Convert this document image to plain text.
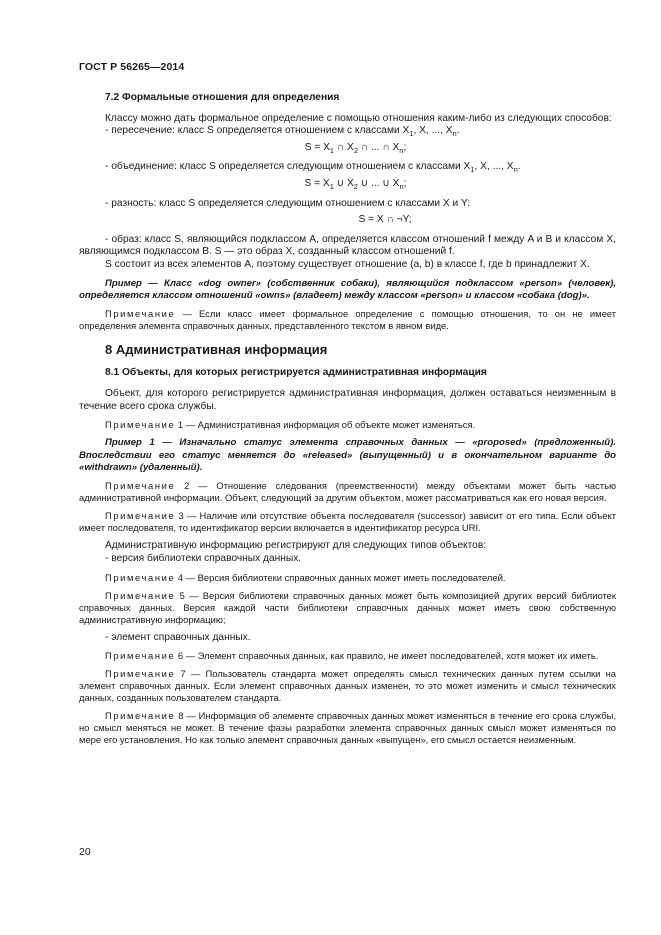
ГОСТ Р 56265—2014

7.2 Формальные отношения для определения

Классу можно дать формальное определение с помощью отношения каким-либо из следующих способов:

- пересечение: класс S определяется отношением с классами $X_1$, X, ..., $X_n$.

$S = X_1$ ∩ $X_2$ ∩ ... ∩ $X_n$;

- объединение: класс S определяется следующим отношением с классами $X_1$, X, ..., $X_n$.

$S = X_1$ ∪ $X_2$ ∪ ... ∪ $X_n$;

- разность: класс S определяется следующим отношением с классами X и Y:

S = X ∩ ¬Y;

- образ: класс S, являющийся подклассом A, определяется классом отношений f между A и B и классом X, являющимся подклассом B. S — это образ X, созданный классом отношений f.

S состоит из всех элементов A, поэтому существует отношение (a, b) в классе f, где b принадлежит X.

Пример — Класс «dog owner» (собственник собаки), являющийся подклассом «person» (человек), определяется классом отношений «owns» (владеет) между классом «person» и классом «собака (dog)».

Примечание — Если класс имеет формальное определение с помощью отношения, то он не имеет определения элемента справочных данных, представленного текстом в явном виде.

8 Административная информация

8.1 Объекты, для которых регистрируется административная информация

Объект, для которого регистрируется административная информация, должен оставаться неизменным в течение всего срока службы.

Примечание 1 — Административная информация об объекте может изменяться.

Пример 1 — Изначально статус элемента справочных данных — «proposed» (предложенный). Впоследствии его статус меняется до «released» (выпущенный) и в окончательном варианте до «withdrawn» (удаленный).

Примечание 2 — Отношение следования (преемственности) между объектами может быть частью административной информации. Объект, следующий за другим объектом, может рассматриваться как его новая версия.

Примечание 3 — Наличие или отсутствие объекта последователя (successor) зависит от его типа. Если объект имеет последователя, то идентификатор версии включается в идентификатор ресурса URI.

Административную информацию регистрируют для следующих типов объектов:

- версия библиотеки справочных данных.

Примечание 4 — Версия библиотеки справочных данных может иметь последователей.

Примечание 5 — Версия библиотеки справочных данных может быть композицией других версий библиотек справочных данных. Версия каждой части библиотеки справочных данных может иметь свою собственную административную информацию;

- элемент справочных данных.

Примечание 6 — Элемент справочных данных, как правило, не имеет последователей, хотя может их иметь.

Примечание 7 — Пользователь стандарта может определять смысл технических данных путем ссылки на элемент справочных данных. Если элемент справочных данных изменен, то это может изменить и смысл технических данных, созданных пользователем стандарта.

Примечание 8 — Информация об элементе справочных данных может изменяться в течение его срока службы, но смысл меняться не может. В течение фазы разработки элемента справочных данных смысл может изменяться по мере его установления. Но как только элемент справочных данных «выпущен», его смысл остается неизменным.

20
